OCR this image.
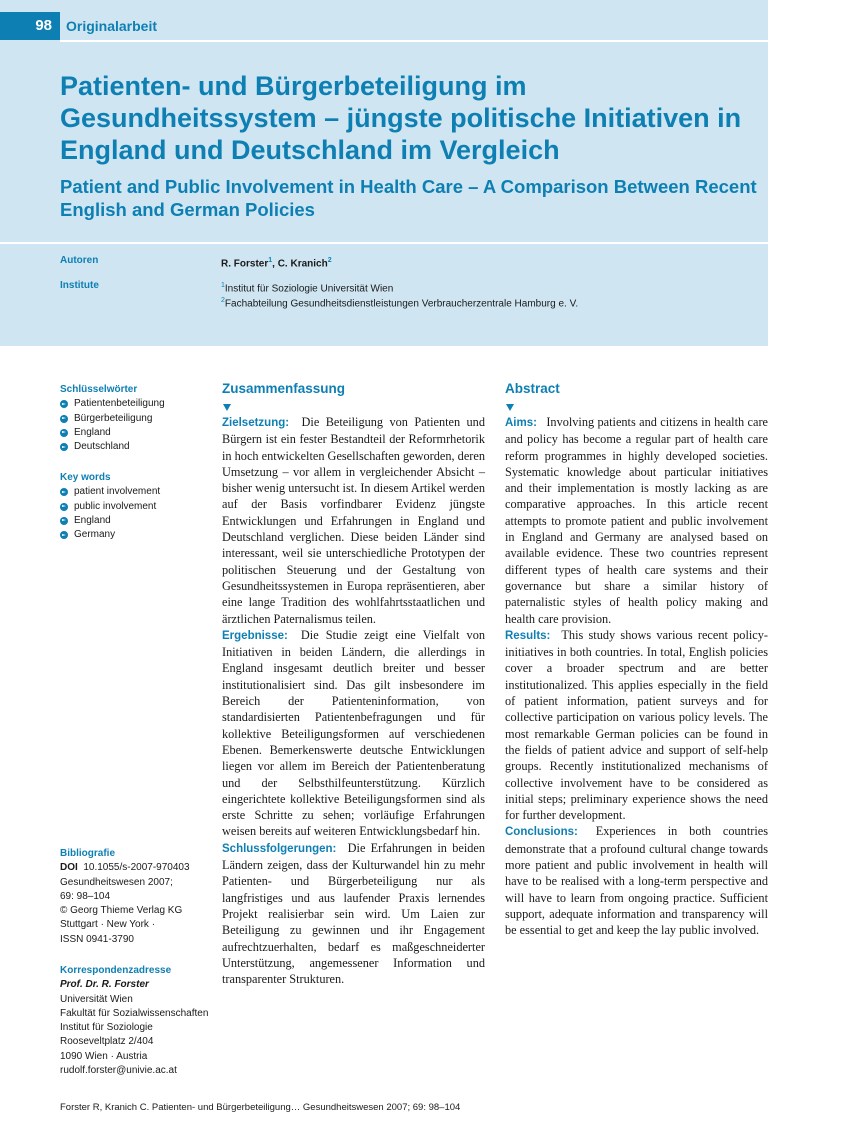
98	Originalarbeit
Patienten- und Bürgerbeteiligung im Gesundheitssystem – jüngste politische Initiativen in England und Deutschland im Vergleich
Patient and Public Involvement in Health Care – A Comparison Between Recent English and German Policies
Autoren	R. Forster$^1$, C. Kranich$^2$
Institute	$^1$Institut für Soziologie Universität Wien
$^2$Fachabteilung Gesundheitsdienstleistungen Verbraucherzentrale Hamburg e. V.
Schlüsselwörter
Patientenbeteiligung
Bürgerbeteiligung
England
Deutschland
Key words
patient involvement
public involvement
England
Germany
Bibliografie
DOI 10.1055/s-2007-970403
Gesundheitswesen 2007;
69: 98–104
© Georg Thieme Verlag KG
Stuttgart · New York ·
ISSN 0941-3790
Korrespondenzadresse
Prof. Dr. R. Forster
Universität Wien
Fakultät für Sozialwissenschaften
Institut für Soziologie
Rooseveltplatz 2/404
1090 Wien · Austria
rudolf.forster@univie.ac.at
Zusammenfassung

Zielsetzung: Die Beteiligung von Patienten und Bürgern ist ein fester Bestandteil der Reformrhetorik in hoch entwickelten Gesellschaften geworden, deren Umsetzung – vor allem in vergleichender Absicht – bisher wenig untersucht ist. In diesem Artikel werden auf der Basis vorfindbarer Evidenz jüngste Entwicklungen und Erfahrungen in England und Deutschland verglichen. Diese beiden Länder sind interessant, weil sie unterschiedliche Prototypen der politischen Steuerung und der Gestaltung von Gesundheitssystemen in Europa repräsentieren, aber eine lange Tradition des wohlfahrtsstaatlichen und ärztlichen Paternalismus teilen.

Ergebnisse: Die Studie zeigt eine Vielfalt von Initiativen in beiden Ländern, die allerdings in England insgesamt deutlich breiter und besser institutionalisiert sind. Das gilt insbesondere im Bereich der Patienteninformation, von standardisierten Patientenbefragungen und für kollektive Beteiligungsformen auf verschiedenen Ebenen. Bemerkenswerte deutsche Entwicklungen liegen vor allem im Bereich der Patientenberatung und der Selbsthilfeunterstützung. Kürzlich eingerichtete kollektive Beteiligungsformen sind als erste Schritte zu sehen; vorläufige Erfahrungen weisen bereits auf weiteren Entwicklungsbedarf hin.

Schlussfolgerungen: Die Erfahrungen in beiden Ländern zeigen, dass der Kulturwandel hin zu mehr Patienten- und Bürgerbeteiligung nur als langfristiges und aus laufender Praxis lernendes Projekt realisierbar sein wird. Um Laien zur Beteiligung zu gewinnen und ihr Engagement aufrechtzuerhalten, bedarf es maßgeschneiderter Unterstützung, angemessener Information und transparenter Strukturen.

Abstract

Aims: Involving patients and citizens in health care and policy has become a regular part of health care reform programmes in highly developed societies. Systematic knowledge about particular initiatives and their implementation is mostly lacking as are comparative approaches. In this article recent attempts to promote patient and public involvement in England and Germany are analysed based on available evidence. These two countries represent different types of health care systems and their governance but share a similar history of paternalistic styles of health policy making and health care provision.

Results: This study shows various recent policy-initiatives in both countries. In total, English policies cover a broader spectrum and are better institutionalized. This applies especially in the field of patient information, patient surveys and for collective participation on various policy levels. The most remarkable German policies can be found in the fields of patient advice and support of self-help groups. Recently institutionalized mechanisms of collective involvement have to be considered as initial steps; preliminary experience shows the need for further development.

Conclusions: Experiences in both countries demonstrate that a profound cultural change towards more patient and public involvement in health will have to be realised with a long-term perspective and will have to learn from ongoing practice. Sufficient support, adequate information and transparency will be essential to get and keep the lay public involved.

Forster R, Kranich C. Patienten- und Bürgerbeteiligung… Gesundheitswesen 2007; 69: 98–104
